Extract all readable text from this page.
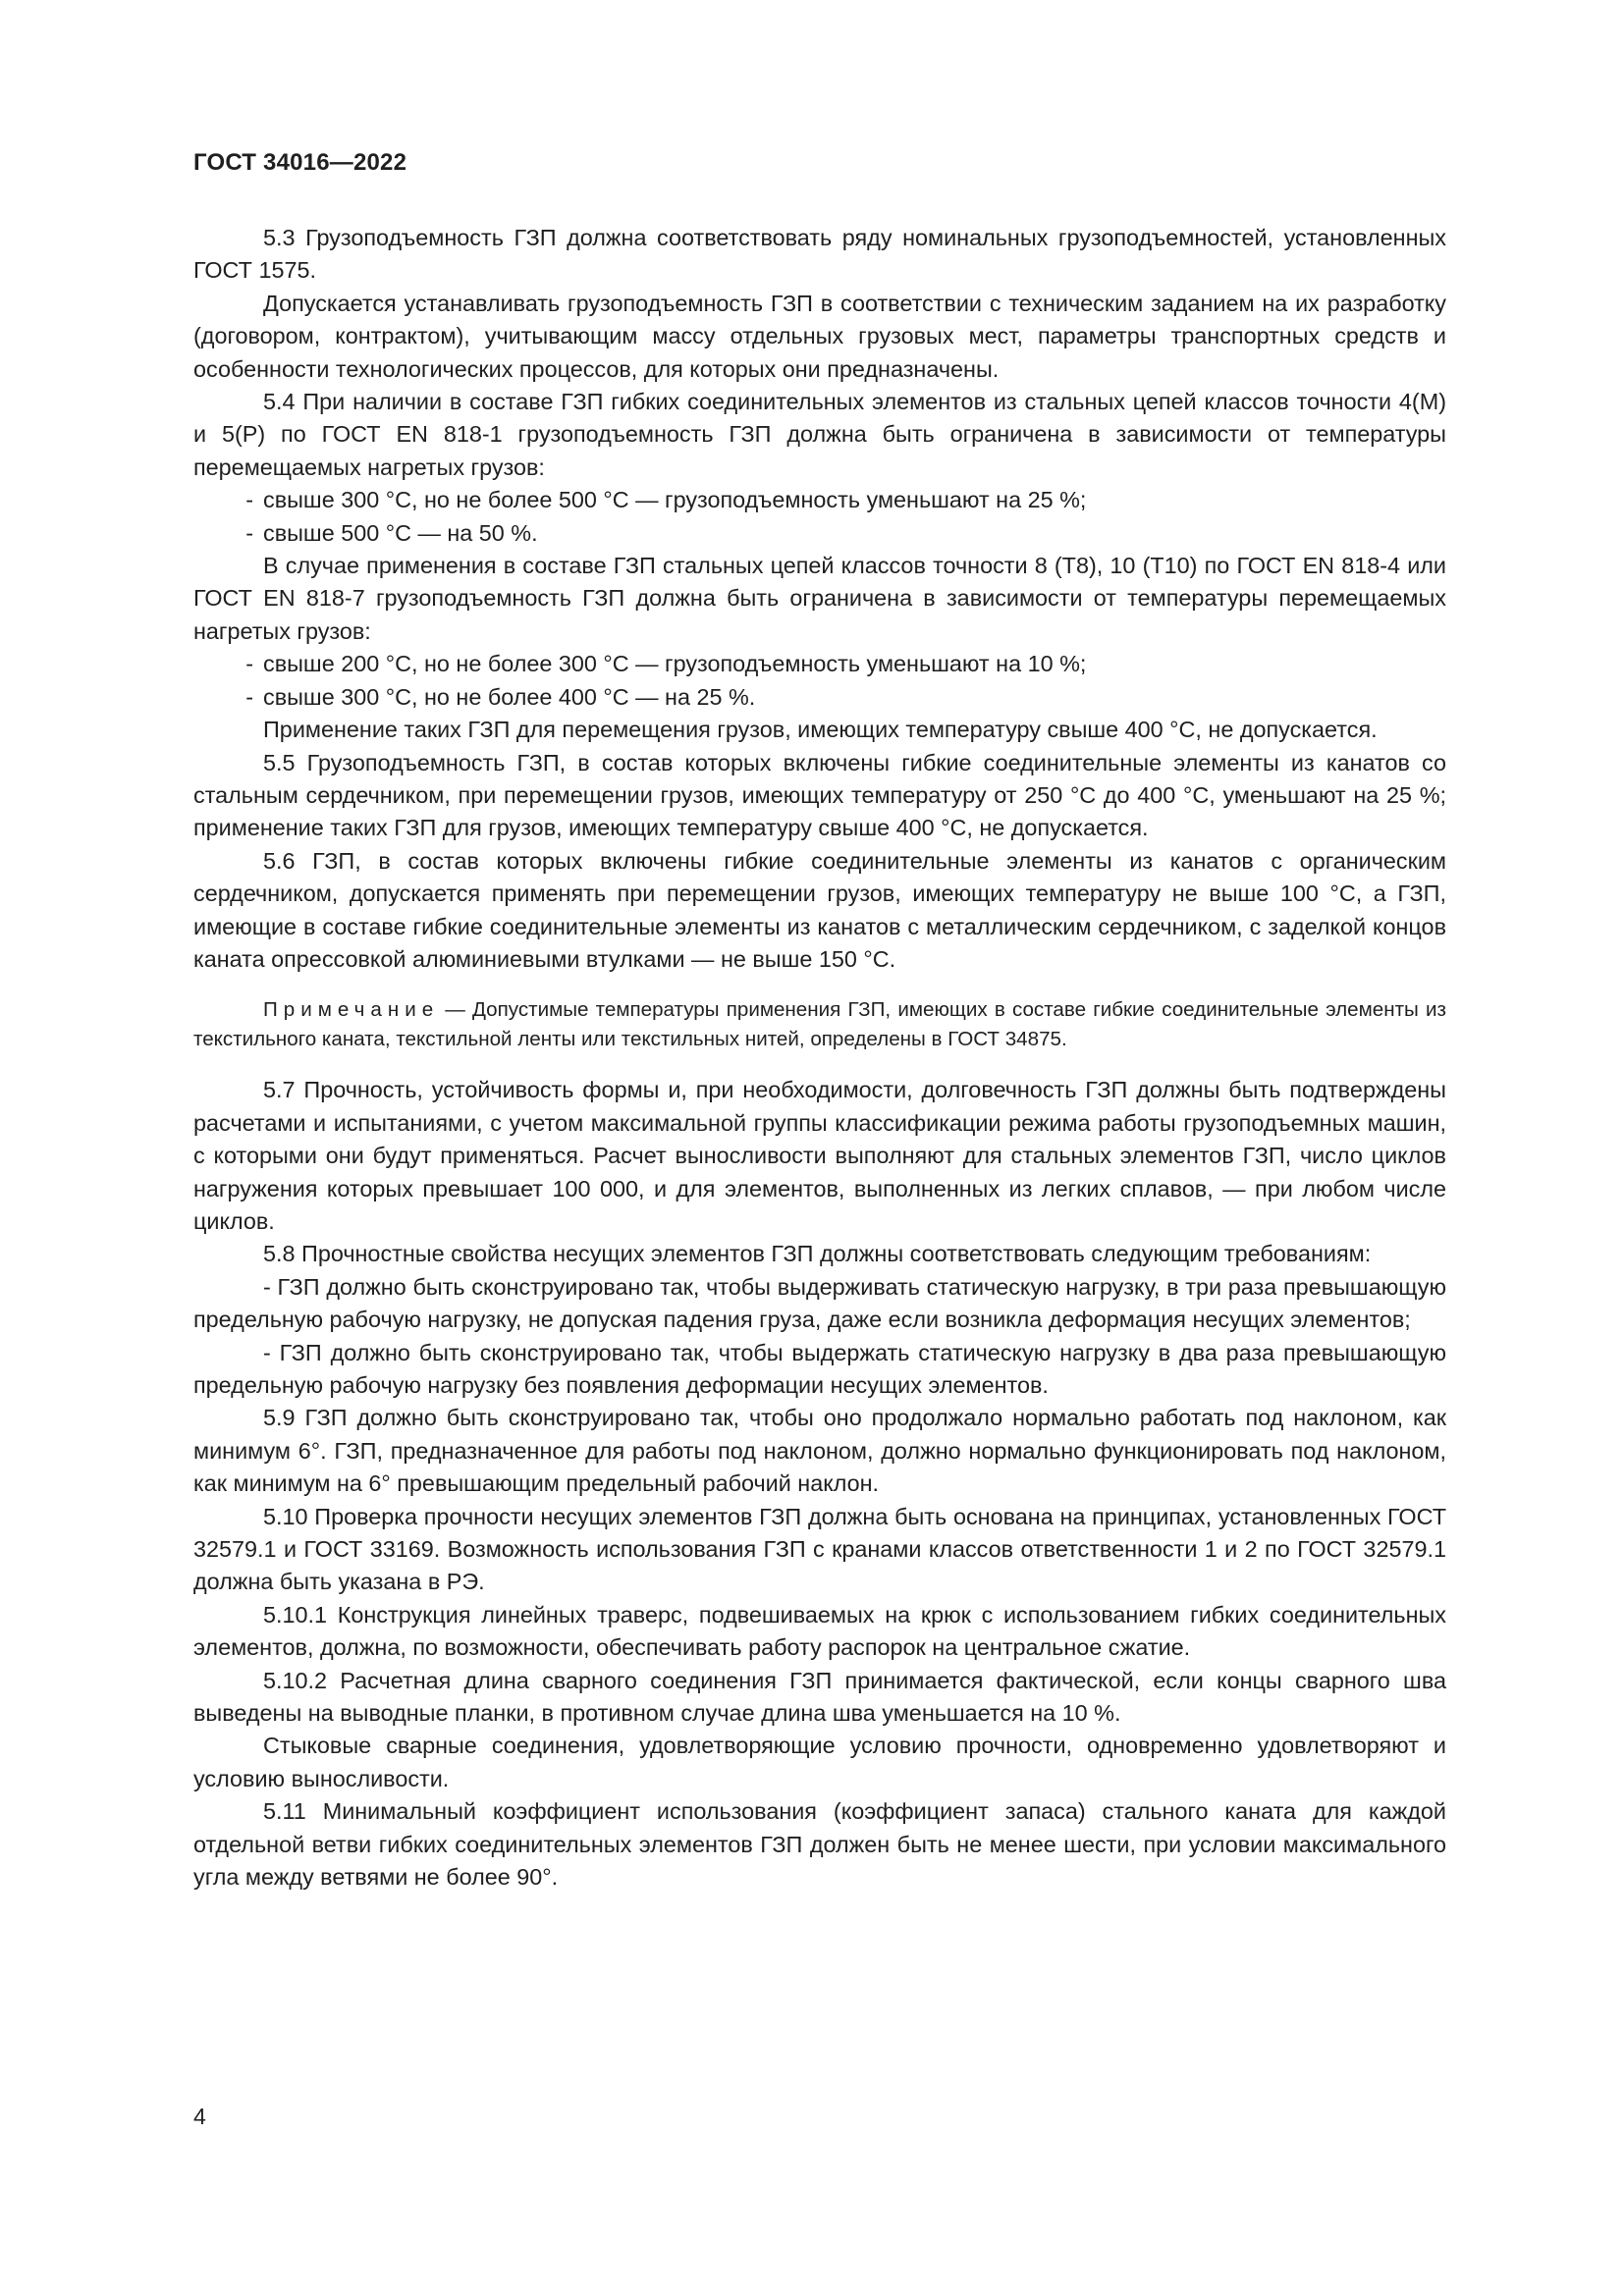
ГОСТ 34016—2022

5.3 Грузоподъемность ГЗП должна соответствовать ряду номинальных грузоподъемностей, установленных ГОСТ 1575.

Допускается устанавливать грузоподъемность ГЗП в соответствии с техническим заданием на их разработку (договором, контрактом), учитывающим массу отдельных грузовых мест, параметры транспортных средств и особенности технологических процессов, для которых они предназначены.

5.4 При наличии в составе ГЗП гибких соединительных элементов из стальных цепей классов точности 4(M) и 5(P) по ГОСТ EN 818-1 грузоподъемность ГЗП должна быть ограничена в зависимости от температуры перемещаемых нагретых грузов:

- свыше 300 °C, но не более 500 °C — грузоподъемность уменьшают на 25 %;

- свыше 500 °C — на 50 %.

В случае применения в составе ГЗП стальных цепей классов точности 8 (T8), 10 (T10) по ГОСТ EN 818-4 или ГОСТ EN 818-7 грузоподъемность ГЗП должна быть ограничена в зависимости от температуры перемещаемых нагретых грузов:

- свыше 200 °C, но не более 300 °C — грузоподъемность уменьшают на 10 %;

- свыше 300 °C, но не более 400 °C — на 25 %.

Применение таких ГЗП для перемещения грузов, имеющих температуру свыше 400 °C, не допускается.

5.5 Грузоподъемность ГЗП, в состав которых включены гибкие соединительные элементы из канатов со стальным сердечником, при перемещении грузов, имеющих температуру от 250 °C до 400 °C, уменьшают на 25 %; применение таких ГЗП для грузов, имеющих температуру свыше 400 °C, не допускается.

5.6 ГЗП, в состав которых включены гибкие соединительные элементы из канатов с органическим сердечником, допускается применять при перемещении грузов, имеющих температуру не выше 100 °C, а ГЗП, имеющие в составе гибкие соединительные элементы из канатов с металлическим сердечником, с заделкой концов каната опрессовкой алюминиевыми втулками — не выше 150 °C.

Примечание — Допустимые температуры применения ГЗП, имеющих в составе гибкие соединительные элементы из текстильного каната, текстильной ленты или текстильных нитей, определены в ГОСТ 34875.

5.7 Прочность, устойчивость формы и, при необходимости, долговечность ГЗП должны быть подтверждены расчетами и испытаниями, с учетом максимальной группы классификации режима работы грузоподъемных машин, с которыми они будут применяться. Расчет выносливости выполняют для стальных элементов ГЗП, число циклов нагружения которых превышает 100 000, и для элементов, выполненных из легких сплавов, — при любом числе циклов.

5.8 Прочностные свойства несущих элементов ГЗП должны соответствовать следующим требованиям:

- ГЗП должно быть сконструировано так, чтобы выдерживать статическую нагрузку, в три раза превышающую предельную рабочую нагрузку, не допуская падения груза, даже если возникла деформация несущих элементов;

- ГЗП должно быть сконструировано так, чтобы выдержать статическую нагрузку в два раза превышающую предельную рабочую нагрузку без появления деформации несущих элементов.

5.9 ГЗП должно быть сконструировано так, чтобы оно продолжало нормально работать под наклоном, как минимум 6°. ГЗП, предназначенное для работы под наклоном, должно нормально функционировать под наклоном, как минимум на 6° превышающим предельный рабочий наклон.

5.10 Проверка прочности несущих элементов ГЗП должна быть основана на принципах, установленных ГОСТ 32579.1 и ГОСТ 33169. Возможность использования ГЗП с кранами классов ответственности 1 и 2 по ГОСТ 32579.1 должна быть указана в РЭ.

5.10.1 Конструкция линейных траверс, подвешиваемых на крюк с использованием гибких соединительных элементов, должна, по возможности, обеспечивать работу распорок на центральное сжатие.

5.10.2 Расчетная длина сварного соединения ГЗП принимается фактической, если концы сварного шва выведены на выводные планки, в противном случае длина шва уменьшается на 10 %.

Стыковые сварные соединения, удовлетворяющие условию прочности, одновременно удовлетворяют и условию выносливости.

5.11 Минимальный коэффициент использования (коэффициент запаса) стального каната для каждой отдельной ветви гибких соединительных элементов ГЗП должен быть не менее шести, при условии максимального угла между ветвями не более 90°.

4
